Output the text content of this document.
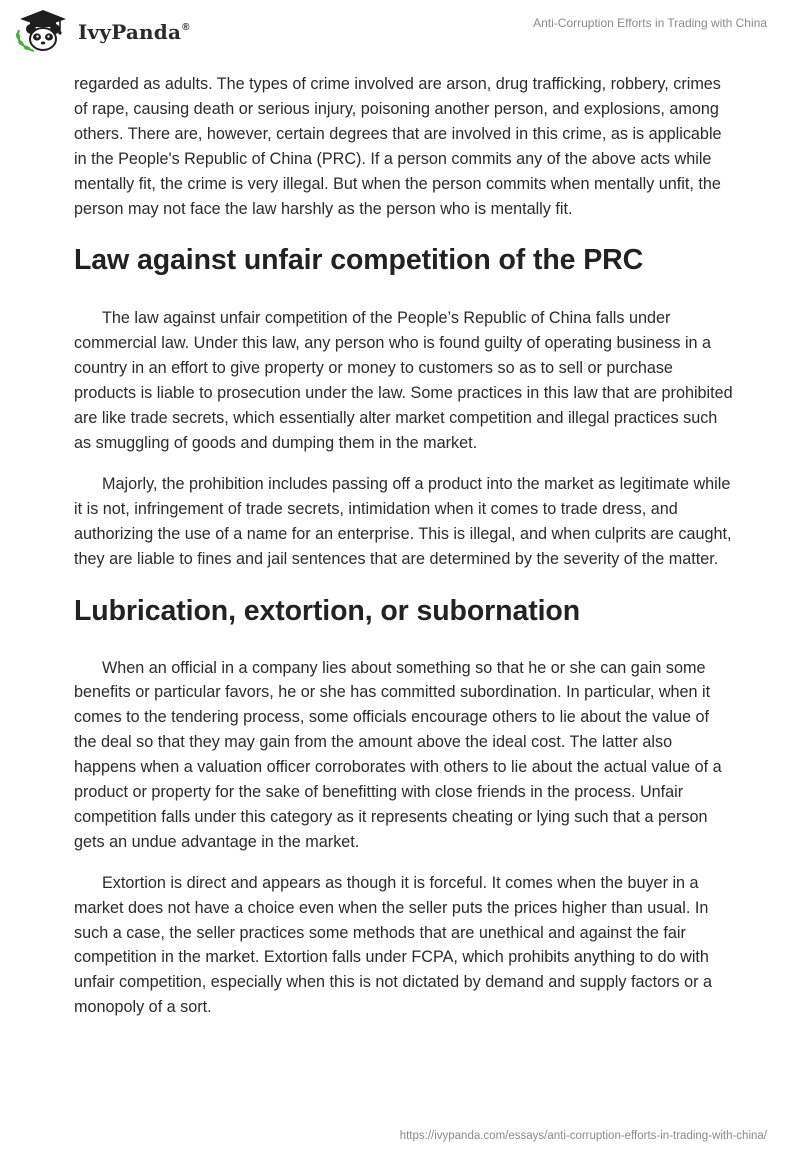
IvyPanda®	Anti-Corruption Efforts in Trading with China

regarded as adults. The types of crime involved are arson, drug trafficking, robbery, crimes of rape, causing death or serious injury, poisoning another person, and explosions, among others. There are, however, certain degrees that are involved in this crime, as is applicable in the People's Republic of China (PRC). If a person commits any of the above acts while mentally fit, the crime is very illegal. But when the person commits when mentally unfit, the person may not face the law harshly as the person who is mentally fit.

Law against unfair competition of the PRC

The law against unfair competition of the People’s Republic of China falls under commercial law. Under this law, any person who is found guilty of operating business in a country in an effort to give property or money to customers so as to sell or purchase products is liable to prosecution under the law. Some practices in this law that are prohibited are like trade secrets, which essentially alter market competition and illegal practices such as smuggling of goods and dumping them in the market.

Majorly, the prohibition includes passing off a product into the market as legitimate while it is not, infringement of trade secrets, intimidation when it comes to trade dress, and authorizing the use of a name for an enterprise. This is illegal, and when culprits are caught, they are liable to fines and jail sentences that are determined by the severity of the matter.

Lubrication, extortion, or subornation

When an official in a company lies about something so that he or she can gain some benefits or particular favors, he or she has committed subordination. In particular, when it comes to the tendering process, some officials encourage others to lie about the value of the deal so that they may gain from the amount above the ideal cost. The latter also happens when a valuation officer corroborates with others to lie about the actual value of a product or property for the sake of benefitting with close friends in the process. Unfair competition falls under this category as it represents cheating or lying such that a person gets an undue advantage in the market.

Extortion is direct and appears as though it is forceful. It comes when the buyer in a market does not have a choice even when the seller puts the prices higher than usual. In such a case, the seller practices some methods that are unethical and against the fair competition in the market. Extortion falls under FCPA, which prohibits anything to do with unfair competition, especially when this is not dictated by demand and supply factors or a monopoly of a sort.

https://ivypanda.com/essays/anti-corruption-efforts-in-trading-with-china/
